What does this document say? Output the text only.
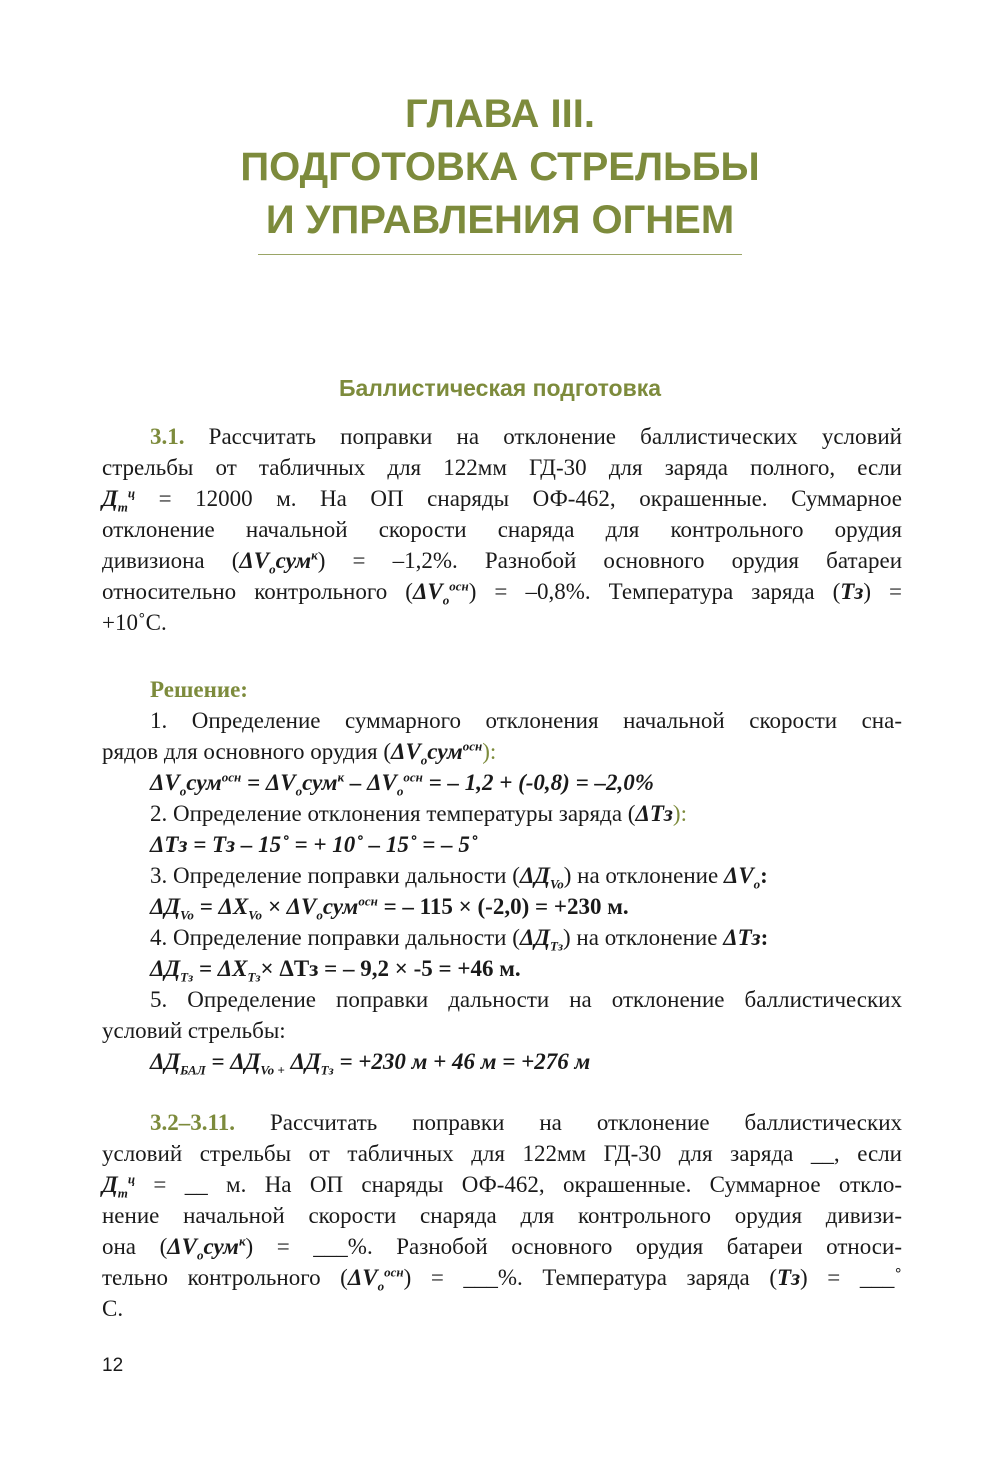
ГЛАВА III.
ПОДГОТОВКА СТРЕЛЬБЫ
И УПРАВЛЕНИЯ ОГНЕМ
Баллистическая подготовка
3.1. Рассчитать поправки на отклонение баллистических условий
стрельбы от табличных для 122мм ГД-30 для заряда полного, если
$Д_т^ц = 12000$ м. На ОП снаряды ОФ-462, окрашенные. Суммарное
отклонение начальной скорости снаряда для контрольного орудия
дивизиона $(\Delta V_oсум^к) = -1,2\%$. Разнобой основного орудия батареи
относительно контрольного $(\Delta V_o^{осн}) = -0,8\%$. Температура заряда (Тз) =
+10˚С.
Решение:
1. Определение суммарного отклонения начальной скорости сна-
рядов для основного орудия $(\Delta V_oсум^{осн})$:
$\Delta V_oсум^{осн} = \Delta V_oсум^к - \Delta V_o^{осн}$ = – 1,2 + (-0,8) = –2,0%
2. Определение отклонения температуры заряда (ΔТз):
ΔТз = Тз – 15˚ = + 10˚ – 15˚ = – 5˚
3. Определение поправки дальности $(\Delta Д_{Vo})$ на отклонение $\Delta V_o$:
$\Delta Д_{Vo} = \Delta X_{Vo} \times \Delta V_oсум^{осн}$ = – 115 × (-2,0) = +230 м.
4. Определение поправки дальности $(\Delta Д_{Тз})$ на отклонение ΔТз:
$\Delta Д_{Тз} = \Delta X_{Тз}\times \Delta Тз$ = – 9,2 × -5 = +46 м.
5. Определение поправки дальности на отклонение баллистических
условий стрельбы:
$\Delta Д_{БАЛ} = \Delta Д_{Vo +}$ $\Delta Д_{Тз} = +230$ м + 46 м = +276 м
3.2–3.11. Рассчитать поправки на отклонение баллистических
условий стрельбы от табличных для 122мм ГД-30 для заряда __, если
$Д_т^ц$ = __ м. На ОП снаряды ОФ-462, окрашенные. Суммарное откло-
нение начальной скорости снаряда для контрольного орудия дивизи-
она $(\Delta V_oсум^к)$ = ___%. Разнобой основного орудия батареи относи-
тельно контрольного $(\Delta V_o^{осн})$ = ___%. Температура заряда (Тз) = ___˚
С.
12
